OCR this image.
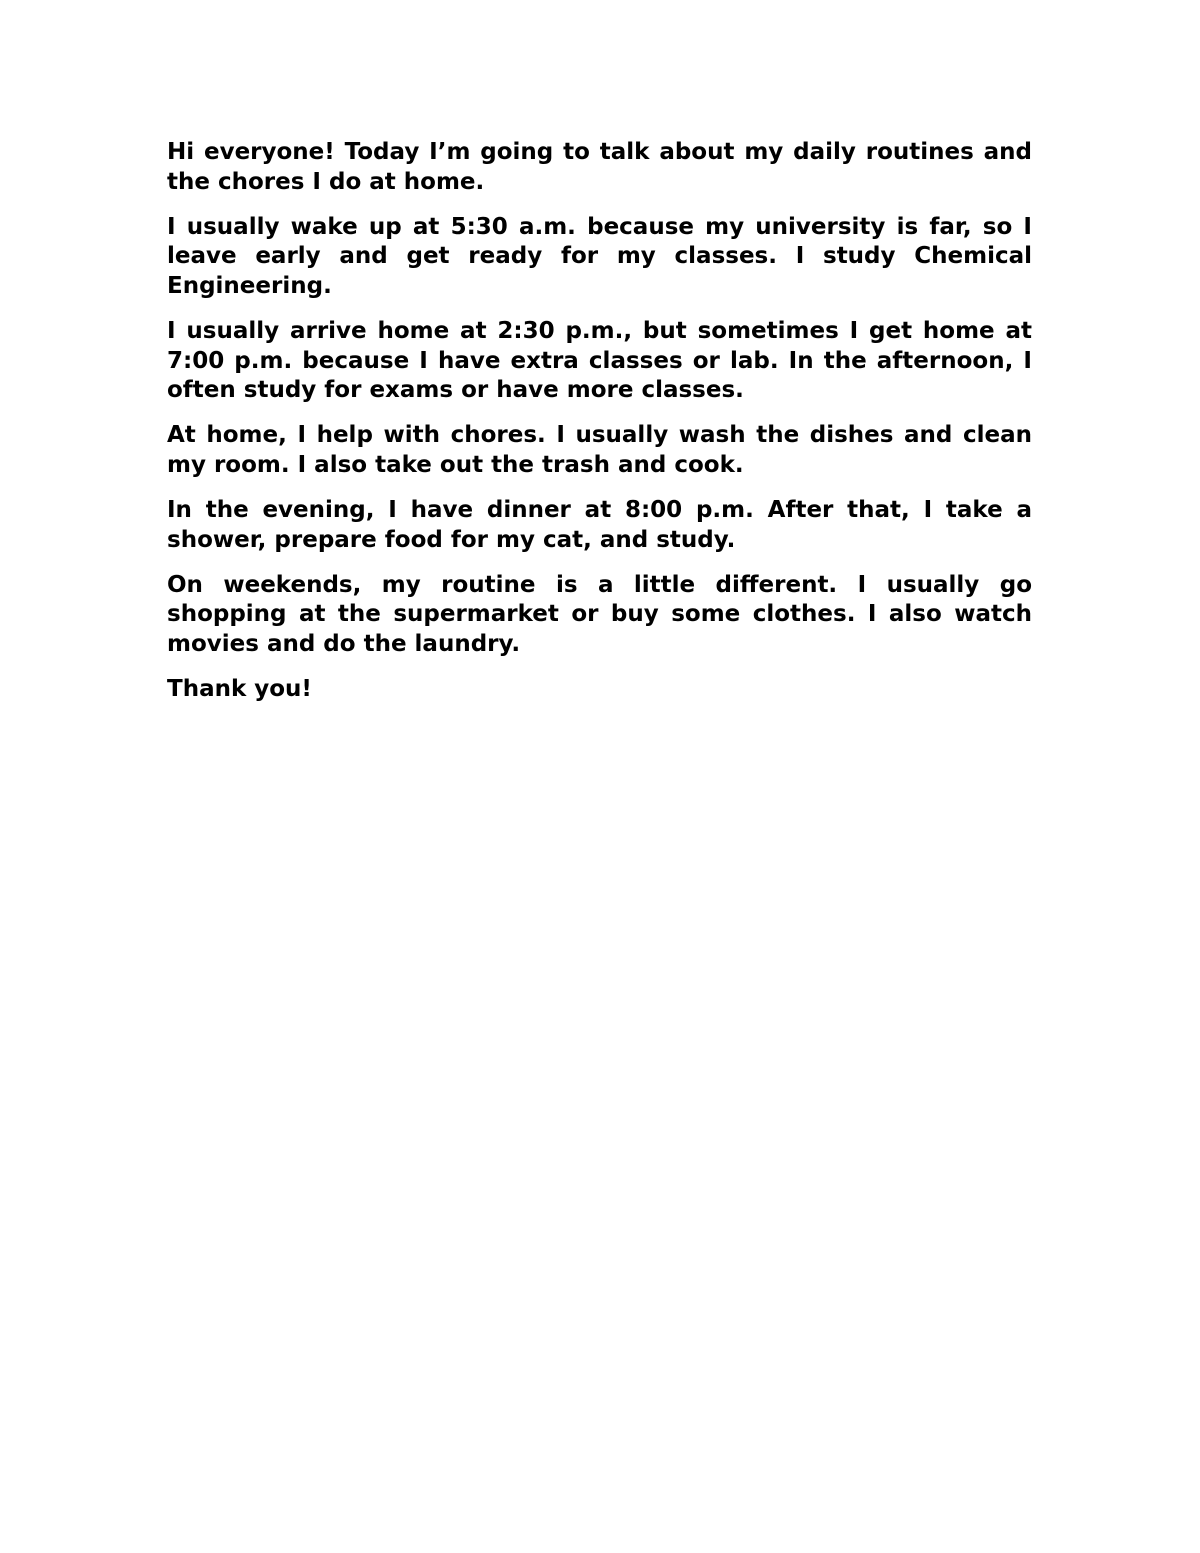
Hi everyone! Today I’m going to talk about my daily routines and the chores I do at home.

I usually wake up at 5:30 a.m. because my university is far, so I leave early and get ready for my classes. I study Chemical Engineering.

I usually arrive home at 2:30 p.m., but sometimes I get home at 7:00 p.m. because I have extra classes or lab. In the afternoon, I often study for exams or have more classes.

At home, I help with chores. I usually wash the dishes and clean my room. I also take out the trash and cook.

In the evening, I have dinner at 8:00 p.m. After that, I take a shower, prepare food for my cat, and study.

On weekends, my routine is a little different. I usually go shopping at the supermarket or buy some clothes. I also watch movies and do the laundry.

Thank you!
